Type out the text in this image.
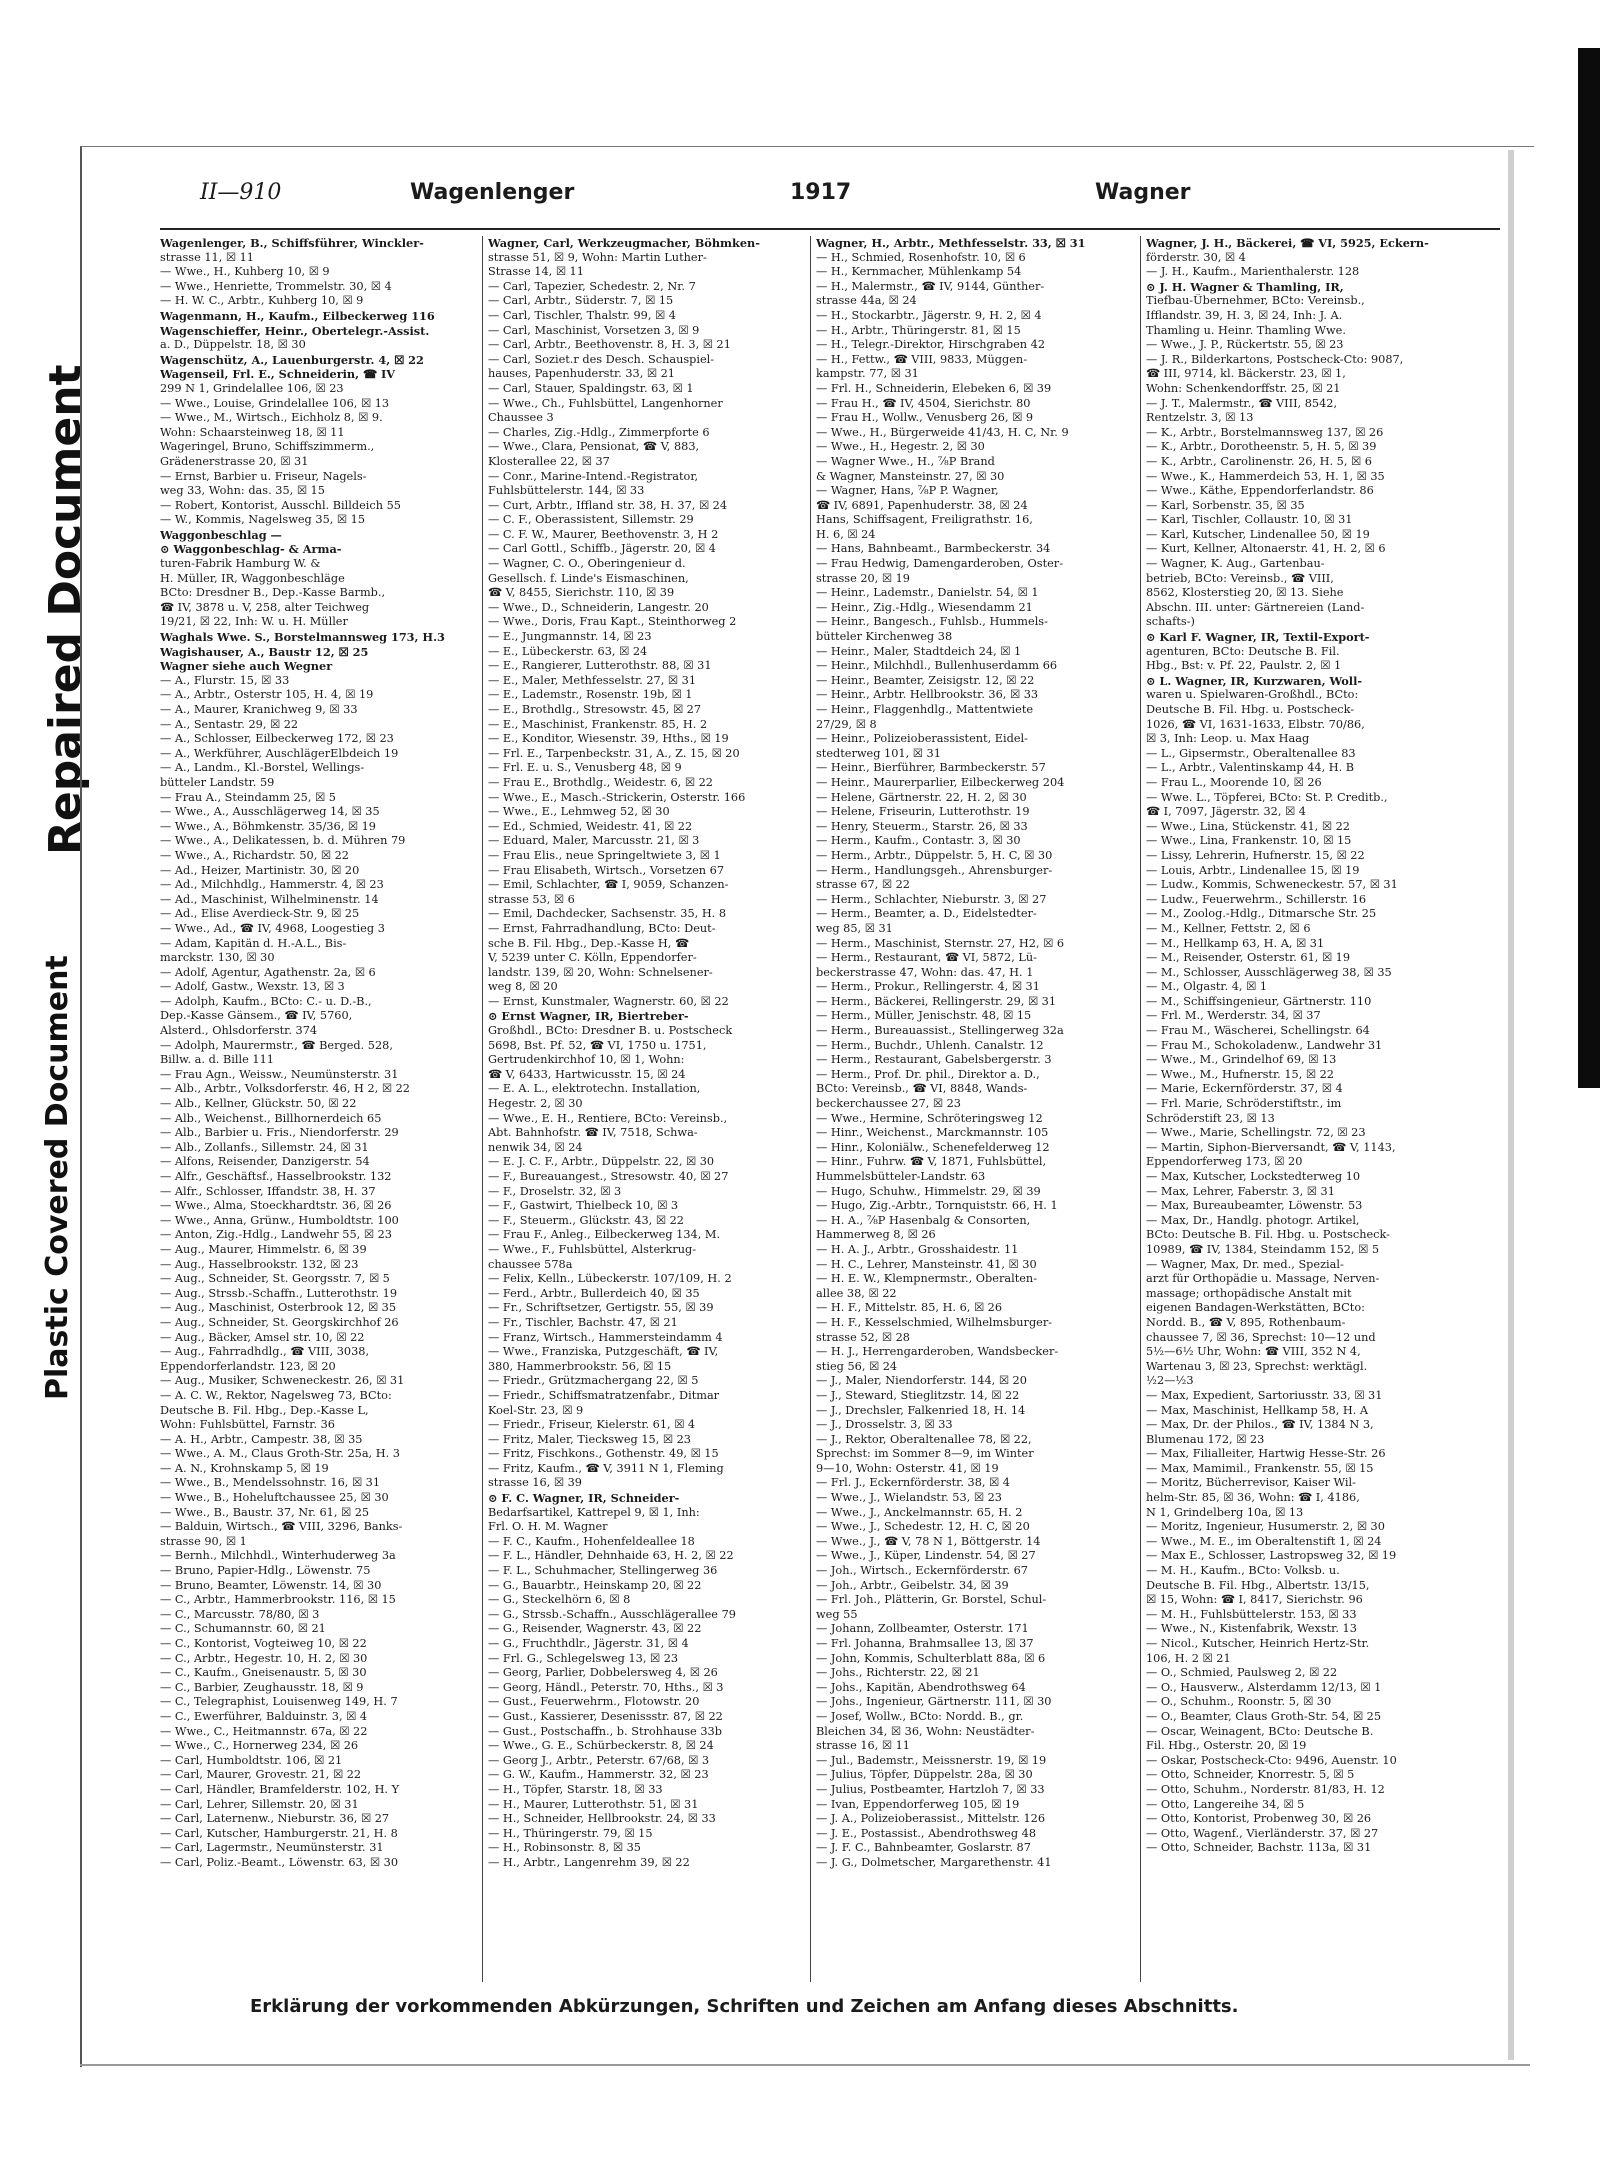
Repaired Document
Plastic Covered Document
II—910	Wagenlenger	1917	Wagner
Wagenlenger, B., Schiffsführer, Winckler-
strasse 11, ☒ 11
— Wwe., H., Kuhberg 10, ☒ 9
— Wwe., Henriette, Trommelstr. 30, ☒ 4
— H. W. C., Arbtr., Kuhberg 10, ☒ 9
Wagenmann, H., Kaufm., Eilbeckerweg 116
Wagenschieffer, Heinr., Obertelegr.-Assist.
a. D., Düppelstr. 18, ☒ 30
Wagenschütz, A., Lauenburgerstr. 4, ☒ 22
Wagenseil, Frl. E., Schneiderin, ☎ IV
299 N 1, Grindelallee 106, ☒ 23
— Wwe., Louise, Grindelallee 106, ☒ 13
— Wwe., M., Wirtsch., Eichholz 8, ☒ 9.
Wohn: Schaarsteinweg 18, ☒ 11
Wageringel, Bruno, Schiffszimmerm.,
Grädenerstrasse 20, ☒ 31
— Ernst, Barbier u. Friseur, Nagels-
weg 33, Wohn: das. 35, ☒ 15
— Robert, Kontorist, Ausschl. Billdeich 55
— W., Kommis, Nagelsweg 35, ☒ 15
Waggonbeschlag —
⊙ Waggonbeschlag- & Arma-
turen-Fabrik Hamburg W. &
H. Müller, IR, Waggonbeschläge
BCto: Dresdner B., Dep.-Kasse Barmb.,
☎ IV, 3878 u. V, 258, alter Teichweg
19/21, ☒ 22, Inh: W. u. H. Müller
Waghals Wwe. S., Borstelmannsweg 173, H.3
Wagishauser, A., Baustr 12, ☒ 25
Wagner siehe auch Wegner
— A., Flurstr. 15, ☒ 33
— A., Arbtr., Osterstr 105, H. 4, ☒ 19
— A., Maurer, Kranichweg 9, ☒ 33
— A., Sentastr. 29, ☒ 22
— A., Schlosser, Eilbeckerweg 172, ☒ 23
— A., Werkführer, AuschlägerElbdeich 19
— A., Landm., Kl.-Borstel, Wellings-
bütteler Landstr. 59
— Frau A., Steindamm 25, ☒ 5
— Wwe., A., Ausschlägerweg 14, ☒ 35
— Wwe., A., Böhmkenstr. 35/36, ☒ 19
— Wwe., A., Delikatessen, b. d. Mühren 79
— Wwe., A., Richardstr. 50, ☒ 22
— Ad., Heizer, Martinistr. 30, ☒ 20
— Ad., Milchhdlg., Hammerstr. 4, ☒ 23
— Ad., Maschinist, Wilhelminenstr. 14
— Ad., Elise Averdieck-Str. 9, ☒ 25
— Wwe., Ad., ☎ IV, 4968, Loogestieg 3
— Adam, Kapitän d. H.-A.L., Bis-
marckstr. 130, ☒ 30
— Adolf, Agentur, Agathenstr. 2a, ☒ 6
— Adolf, Gastw., Wexstr. 13, ☒ 3
— Adolph, Kaufm., BCto: C.- u. D.-B.,
Dep.-Kasse Gänsem., ☎ IV, 5760,
Alsterd., Ohlsdorferstr. 374
— Adolph, Maurermstr., ☎ Berged. 528,
Billw. a. d. Bille 111
— Frau Agn., Weissw., Neumünsterstr. 31
— Alb., Arbtr., Volksdorferstr. 46, H 2, ☒ 22
— Alb., Kellner, Glückstr. 50, ☒ 22
— Alb., Weichenst., Billhornerdeich 65
— Alb., Barbier u. Fris., Niendorferstr. 29
— Alb., Zollanfs., Sillemstr. 24, ☒ 31
— Alfons, Reisender, Danzigerstr. 54
— Alfr., Geschäftsf., Hasselbrookstr. 132
— Alfr., Schlosser, Iffandstr. 38, H. 37
— Wwe., Alma, Stoeckhardtstr. 36, ☒ 26
— Wwe., Anna, Grünw., Humboldtstr. 100
— Anton, Zig.-Hdlg., Landwehr 55, ☒ 23
— Aug., Maurer, Himmelstr. 6, ☒ 39
— Aug., Hasselbrookstr. 132, ☒ 23
— Aug., Schneider, St. Georgsstr. 7, ☒ 5
— Aug., Strssb.-Schaffn., Lutterothstr. 19
— Aug., Maschinist, Osterbrook 12, ☒ 35
— Aug., Schneider, St. Georgskirchhof 26
— Aug., Bäcker, Amsel str. 10, ☒ 22
— Aug., Fahrradhdlg., ☎ VIII, 3038,
Eppendorferlandstr. 123, ☒ 20
— Aug., Musiker, Schweneckestr. 26, ☒ 31
— A. C. W., Rektor, Nagelsweg 73, BCto:
Deutsche B. Fil. Hbg., Dep.-Kasse L,
Wohn: Fuhlsbüttel, Farnstr. 36
— A. H., Arbtr., Campestr. 38, ☒ 35
— Wwe., A. M., Claus Groth-Str. 25a, H. 3
— A. N., Krohnskamp 5, ☒ 19
— Wwe., B., Mendelssohnstr. 16, ☒ 31
— Wwe., B., Hoheluftchaussee 25, ☒ 30
— Wwe., B., Baustr. 37, Nr. 61, ☒ 25
— Balduin, Wirtsch., ☎ VIII, 3296, Banks-
strasse 90, ☒ 1
— Bernh., Milchhdl., Winterhuderweg 3a
— Bruno, Papier-Hdlg., Löwenstr. 75
— Bruno, Beamter, Löwenstr. 14, ☒ 30
— C., Arbtr., Hammerbrookstr. 116, ☒ 15
— C., Marcusstr. 78/80, ☒ 3
— C., Schumannstr. 60, ☒ 21
— C., Kontorist, Vogteiweg 10, ☒ 22
— C., Arbtr., Hegestr. 10, H. 2, ☒ 30
— C., Kaufm., Gneisenaustr. 5, ☒ 30
— C., Barbier, Zeughausstr. 18, ☒ 9
— C., Telegraphist, Louisenweg 149, H. 7
— C., Ewerführer, Balduinstr. 3, ☒ 4
— Wwe., C., Heitmannstr. 67a, ☒ 22
— Wwe., C., Hornerweg 234, ☒ 26
— Carl, Humboldtstr. 106, ☒ 21
— Carl, Maurer, Grovestr. 21, ☒ 22
— Carl, Händler, Bramfelderstr. 102, H. Y
— Carl, Lehrer, Sillemstr. 20, ☒ 31
— Carl, Laternenw., Nieburstr. 36, ☒ 27
— Carl, Kutscher, Hamburgerstr. 21, H. 8
— Carl, Lagermstr., Neumünsterstr. 31
— Carl, Poliz.-Beamt., Löwenstr. 63, ☒ 30
Wagner, Carl, Werkzeugmacher, Böhmken-
strasse 51, ☒ 9, Wohn: Martin Luther-
Strasse 14, ☒ 11
— Carl, Tapezier, Schedestr. 2, Nr. 7
— Carl, Arbtr., Süderstr. 7, ☒ 15
— Carl, Tischler, Thalstr. 99, ☒ 4
— Carl, Maschinist, Vorsetzen 3, ☒ 9
— Carl, Arbtr., Beethovenstr. 8, H. 3, ☒ 21
— Carl, Soziet.r des Desch. Schauspiel-
hauses, Papenhuderstr. 33, ☒ 21
— Carl, Stauer, Spaldingstr. 63, ☒ 1
— Wwe., Ch., Fuhlsbüttel, Langenhorner
Chaussee 3
— Charles, Zig.-Hdlg., Zimmerpforte 6
— Wwe., Clara, Pensionat, ☎ V, 883,
Klosterallee 22, ☒ 37
— Conr., Marine-Intend.-Registrator,
Fuhlsbüttelerstr. 144, ☒ 33
— Curt, Arbtr., Iffland str. 38, H. 37, ☒ 24
— C. F., Oberassistent, Sillemstr. 29
— C. F. W., Maurer, Beethovenstr. 3, H 2
— Carl Gottl., Schiffb., Jägerstr. 20, ☒ 4
— Wagner, C. O., Oberingenieur d.
Gesellsch. f. Linde's Eismaschinen,
☎ V, 8455, Sierichstr. 110, ☒ 39
— Wwe., D., Schneiderin, Langestr. 20
— Wwe., Doris, Frau Kapt., Steinthorweg 2
— E., Jungmannstr. 14, ☒ 23
— E., Lübeckerstr. 63, ☒ 24
— E., Rangierer, Lutterothstr. 88, ☒ 31
— E., Maler, Methfesselstr. 27, ☒ 31
— E., Lademstr., Rosenstr. 19b, ☒ 1
— E., Brothdlg., Stresowstr. 45, ☒ 27
— E., Maschinist, Frankenstr. 85, H. 2
— E., Konditor, Wiesenstr. 39, Hths., ☒ 19
— Frl. E., Tarpenbeckstr. 31, A., Z. 15, ☒ 20
— Frl. E. u. S., Venusberg 48, ☒ 9
— Frau E., Brothdlg., Weidestr. 6, ☒ 22
— Wwe., E., Masch.-Strickerin, Osterstr. 166
— Wwe., E., Lehmweg 52, ☒ 30
— Ed., Schmied, Weidestr. 41, ☒ 22
— Eduard, Maler, Marcusstr. 21, ☒ 3
— Frau Elis., neue Springeltwiete 3, ☒ 1
— Frau Elisabeth, Wirtsch., Vorsetzen 67
— Emil, Schlachter, ☎ I, 9059, Schanzen-
strasse 53, ☒ 6
— Emil, Dachdecker, Sachsenstr. 35, H. 8
— Ernst, Fahrradhandlung, BCto: Deut-
sche B. Fil. Hbg., Dep.-Kasse H, ☎
V, 5239 unter C. Kölln, Eppendorfer-
landstr. 139, ☒ 20, Wohn: Schnelsener-
weg 8, ☒ 20
— Ernst, Kunstmaler, Wagnerstr. 60, ☒ 22
⊙ Ernst Wagner, IR, Biertreber-
Großhdl., BCto: Dresdner B. u. Postscheck
5698, Bst. Pf. 52, ☎ VI, 1750 u. 1751,
Gertrudenkirchhof 10, ☒ 1, Wohn:
☎ V, 6433, Hartwicusstr. 15, ☒ 24
— E. A. L., elektrotechn. Installation,
Hegestr. 2, ☒ 30
— Wwe., E. H., Rentiere, BCto: Vereinsb.,
Abt. Bahnhofstr. ☎ IV, 7518, Schwa-
nenwik 34, ☒ 24
— E. J. C. F., Arbtr., Düppelstr. 22, ☒ 30
— F., Bureauangest., Stresowstr. 40, ☒ 27
— F., Droselstr. 32, ☒ 3
— F., Gastwirt, Thielbeck 10, ☒ 3
— F., Steuerm., Glückstr. 43, ☒ 22
— Frau F., Anleg., Eilbeckerweg 134, M.
— Wwe., F., Fuhlsbüttel, Alsterkrug-
chaussee 578a
— Felix, Kelln., Lübeckerstr. 107/109, H. 2
— Ferd., Arbtr., Bullerdeich 40, ☒ 35
— Fr., Schriftsetzer, Gertigstr. 55, ☒ 39
— Fr., Tischler, Bachstr. 47, ☒ 21
— Franz, Wirtsch., Hammersteindamm 4
— Wwe., Franziska, Putzgeschäft, ☎ IV,
380, Hammerbrookstr. 56, ☒ 15
— Friedr., Grützmachergang 22, ☒ 5
— Friedr., Schiffsmatratzenfabr., Ditmar
Koel-Str. 23, ☒ 9
— Friedr., Friseur, Kielerstr. 61, ☒ 4
— Fritz, Maler, Tiecksweg 15, ☒ 23
— Fritz, Fischkons., Gothenstr. 49, ☒ 15
— Fritz, Kaufm., ☎ V, 3911 N 1, Fleming
strasse 16, ☒ 39
⊙ F. C. Wagner, IR, Schneider-
Bedarfsartikel, Kattrepel 9, ☒ 1, Inh:
Frl. O. H. M. Wagner
— F. C., Kaufm., Hohenfeldeallee 18
— F. L., Händler, Dehnhaide 63, H. 2, ☒ 22
— F. L., Schuhmacher, Stellingerweg 36
— G., Bauarbtr., Heinskamp 20, ☒ 22
— G., Steckelhörn 6, ☒ 8
— G., Strssb.-Schaffn., Ausschlägerallee 79
— G., Reisender, Wagnerstr. 43, ☒ 22
— G., Fruchthdlr., Jägerstr. 31, ☒ 4
— Frl. G., Schlegelsweg 13, ☒ 23
— Georg, Parlier, Dobbelersweg 4, ☒ 26
— Georg, Händl., Peterstr. 70, Hths., ☒ 3
— Gust., Feuerwehrm., Flotowstr. 20
— Gust., Kassierer, Desenissstr. 87, ☒ 22
— Gust., Postschaffn., b. Strohhause 33b
— Wwe., G. E., Schürbeckerstr. 8, ☒ 24
— Georg J., Arbtr., Peterstr. 67/68, ☒ 3
— G. W., Kaufm., Hammerstr. 32, ☒ 23
— H., Töpfer, Starstr. 18, ☒ 33
— H., Maurer, Lutterothstr. 51, ☒ 31
— H., Schneider, Hellbrookstr. 24, ☒ 33
— H., Thüringerstr. 79, ☒ 15
— H., Robinsonstr. 8, ☒ 35
— H., Arbtr., Langenrehm 39, ☒ 22
Wagner, H., Arbtr., Methfesselstr. 33, ☒ 31
— H., Schmied, Rosenhofstr. 10, ☒ 6
— H., Kernmacher, Mühlenkamp 54
— H., Malermstr., ☎ IV, 9144, Günther-
strasse 44a, ☒ 24
— H., Stockarbtr., Jägerstr. 9, H. 2, ☒ 4
— H., Arbtr., Thüringerstr. 81, ☒ 15
— H., Telegr.-Direktor, Hirschgraben 42
— H., Fettw., ☎ VIII, 9833, Müggen-
kampstr. 77, ☒ 31
— Frl. H., Schneiderin, Elebeken 6, ☒ 39
— Frau H., ☎ IV, 4504, Sierichstr. 80
— Frau H., Wollw., Venusberg 26, ☒ 9
— Wwe., H., Bürgerweide 41/43, H. C, Nr. 9
— Wwe., H., Hegestr. 2, ☒ 30
— Wagner Wwe., H., ⅞P Brand
& Wagner, Mansteinstr. 27, ☒ 30
— Wagner, Hans, ⅞P P. Wagner,
☎ IV, 6891, Papenhuderstr. 38, ☒ 24
Hans, Schiffsagent, Freiligrathstr. 16,
H. 6, ☒ 24
— Hans, Bahnbeamt., Barmbeckerstr. 34
— Frau Hedwig, Damengarderoben, Oster-
strasse 20, ☒ 19
— Heinr., Lademstr., Danielstr. 54, ☒ 1
— Heinr., Zig.-Hdlg., Wiesendamm 21
— Heinr., Bangesch., Fuhlsb., Hummels-
bütteler Kirchenweg 38
— Heinr., Maler, Stadtdeich 24, ☒ 1
— Heinr., Milchhdl., Bullenhuserdamm 66
— Heinr., Beamter, Zeisigstr. 12, ☒ 22
— Heinr., Arbtr. Hellbrookstr. 36, ☒ 33
— Heinr., Flaggenhdlg., Mattentwiete
27/29, ☒ 8
— Heinr., Polizeioberassistent, Eidel-
stedterweg 101, ☒ 31
— Heinr., Bierführer, Barmbeckerstr. 57
— Heinr., Maurerparlier, Eilbeckerweg 204
— Helene, Gärtnerstr. 22, H. 2, ☒ 30
— Helene, Friseurin, Lutterothstr. 19
— Henry, Steuerm., Starstr. 26, ☒ 33
— Herm., Kaufm., Contastr. 3, ☒ 30
— Herm., Arbtr., Düppelstr. 5, H. C, ☒ 30
— Herm., Handlungsgeh., Ahrensburger-
strasse 67, ☒ 22
— Herm., Schlachter, Nieburstr. 3, ☒ 27
— Herm., Beamter, a. D., Eidelstedter-
weg 85, ☒ 31
— Herm., Maschinist, Sternstr. 27, H2, ☒ 6
— Herm., Restaurant, ☎ VI, 5872, Lü-
beckerstrasse 47, Wohn: das. 47, H. 1
— Herm., Prokur., Rellingerstr. 4, ☒ 31
— Herm., Bäckerei, Rellingerstr. 29, ☒ 31
— Herm., Müller, Jenischstr. 48, ☒ 15
— Herm., Bureauassist., Stellingerweg 32a
— Herm., Buchdr., Uhlenh. Canalstr. 12
— Herm., Restaurant, Gabelsbergerstr. 3
— Herm., Prof. Dr. phil., Direktor a. D.,
BCto: Vereinsb., ☎ VI, 8848, Wands-
beckerchaussee 27, ☒ 23
— Wwe., Hermine, Schröteringsweg 12
— Hinr., Weichenst., Marckmannstr. 105
— Hinr., Koloniälw., Schenefelderweg 12
— Hinr., Fuhrw. ☎ V, 1871, Fuhlsbüttel,
Hummelsbütteler-Landstr. 63
— Hugo, Schuhw., Himmelstr. 29, ☒ 39
— Hugo, Zig.-Arbtr., Tornquiststr. 66, H. 1
— H. A., ⅞P Hasenbalg & Consorten,
Hammerweg 8, ☒ 26
— H. A. J., Arbtr., Grosshaidestr. 11
— H. C., Lehrer, Mansteinstr. 41, ☒ 30
— H. E. W., Klempnermstr., Oberalten-
allee 38, ☒ 22
— H. F., Mittelstr. 85, H. 6, ☒ 26
— H. F., Kesselschmied, Wilhelmsburger-
strasse 52, ☒ 28
— H. J., Herrengarderoben, Wandsbecker-
stieg 56, ☒ 24
— J., Maler, Niendorferstr. 144, ☒ 20
— J., Steward, Stieglitzstr. 14, ☒ 22
— J., Drechsler, Falkenried 18, H. 14
— J., Drosselstr. 3, ☒ 33
— J., Rektor, Oberaltenallee 78, ☒ 22,
Sprechst: im Sommer 8—9, im Winter
9—10, Wohn: Osterstr. 41, ☒ 19
— Frl. J., Eckernförderstr. 38, ☒ 4
— Wwe., J., Wielandstr. 53, ☒ 23
— Wwe., J., Anckelmannstr. 65, H. 2
— Wwe., J., Schedestr. 12, H. C, ☒ 20
— Wwe., J., ☎ V, 78 N 1, Böttgerstr. 14
— Wwe., J., Küper, Lindenstr. 54, ☒ 27
— Joh., Wirtsch., Eckernförderstr. 67
— Joh., Arbtr., Geibelstr. 34, ☒ 39
— Frl. Joh., Plätterin, Gr. Borstel, Schul-
weg 55
— Johann, Zollbeamter, Osterstr. 171
— Frl. Johanna, Brahmsallee 13, ☒ 37
— John, Kommis, Schulterblatt 88a, ☒ 6
— Johs., Richterstr. 22, ☒ 21
— Johs., Kapitän, Abendrothsweg 64
— Johs., Ingenieur, Gärtnerstr. 111, ☒ 30
— Josef, Wollw., BCto: Nordd. B., gr.
Bleichen 34, ☒ 36, Wohn: Neustädter-
strasse 16, ☒ 11
— Jul., Bademstr., Meissnerstr. 19, ☒ 19
— Julius, Töpfer, Düppelstr. 28a, ☒ 30
— Julius, Postbeamter, Hartzloh 7, ☒ 33
— Ivan, Eppendorferweg 105, ☒ 19
— J. A., Polizeioberassist., Mittelstr. 126
— J. E., Postassist., Abendrothsweg 48
— J. F. C., Bahnbeamter, Goslarstr. 87
— J. G., Dolmetscher, Margarethenstr. 41
Wagner, J. H., Bäckerei, ☎ VI, 5925, Eckern-
förderstr. 30, ☒ 4
— J. H., Kaufm., Marienthalerstr. 128
⊙ J. H. Wagner & Thamling, IR,
Tiefbau-Übernehmer, BCto: Vereinsb.,
Ifflandstr. 39, H. 3, ☒ 24, Inh: J. A.
Thamling u. Heinr. Thamling Wwe.
— Wwe., J. P., Rückertstr. 55, ☒ 23
— J. R., Bilderkartons, Postscheck-Cto: 9087,
☎ III, 9714, kl. Bäckerstr. 23, ☒ 1,
Wohn: Schenkendorffstr. 25, ☒ 21
— J. T., Malermstr., ☎ VIII, 8542,
Rentzelstr. 3, ☒ 13
— K., Arbtr., Borstelmannsweg 137, ☒ 26
— K., Arbtr., Dorotheenstr. 5, H. 5, ☒ 39
— K., Arbtr., Carolinenstr. 26, H. 5, ☒ 6
— Wwe., K., Hammerdeich 53, H. 1, ☒ 35
— Wwe., Käthe, Eppendorferlandstr. 86
— Karl, Sorbenstr. 35, ☒ 35
— Karl, Tischler, Collaustr. 10, ☒ 31
— Karl, Kutscher, Lindenallee 50, ☒ 19
— Kurt, Kellner, Altonaerstr. 41, H. 2, ☒ 6
— Wagner, K. Aug., Gartenbau-
betrieb, BCto: Vereinsb., ☎ VIII,
8562, Klosterstieg 20, ☒ 13. Siehe
Abschn. III. unter: Gärtnereien (Land-
schafts-)
⊙ Karl F. Wagner, IR, Textil-Export-
agenturen, BCto: Deutsche B. Fil.
Hbg., Bst: v. Pf. 22, Paulstr. 2, ☒ 1
⊙ L. Wagner, IR, Kurzwaren, Woll-
waren u. Spielwaren-Großhdl., BCto:
Deutsche B. Fil. Hbg. u. Postscheck-
1026, ☎ VI, 1631-1633, Elbstr. 70/86,
☒ 3, Inh: Leop. u. Max Haag
— L., Gipsermstr., Oberaltenallee 83
— L., Arbtr., Valentinskamp 44, H. B
— Frau L., Moorende 10, ☒ 26
— Wwe. L., Töpferei, BCto: St. P. Creditb.,
☎ I, 7097, Jägerstr. 32, ☒ 4
— Wwe., Lina, Stückenstr. 41, ☒ 22
— Wwe., Lina, Frankenstr. 10, ☒ 15
— Lissy, Lehrerin, Hufnerstr. 15, ☒ 22
— Louis, Arbtr., Lindenallee 15, ☒ 19
— Ludw., Kommis, Schweneckestr. 57, ☒ 31
— Ludw., Feuerwehrm., Schillerstr. 16
— M., Zoolog.-Hdlg., Ditmarsche Str. 25
— M., Kellner, Fettstr. 2, ☒ 6
— M., Hellkamp 63, H. A, ☒ 31
— M., Reisender, Osterstr. 61, ☒ 19
— M., Schlosser, Ausschlägerweg 38, ☒ 35
— M., Olgastr. 4, ☒ 1
— M., Schiffsingenieur, Gärtnerstr. 110
— Frl. M., Werderstr. 34, ☒ 37
— Frau M., Wäscherei, Schellingstr. 64
— Frau M., Schokoladenw., Landwehr 31
— Wwe., M., Grindelhof 69, ☒ 13
— Wwe., M., Hufnerstr. 15, ☒ 22
— Marie, Eckernförderstr. 37, ☒ 4
— Frl. Marie, Schröderstiftstr., im
Schröderstift 23, ☒ 13
— Wwe., Marie, Schellingstr. 72, ☒ 23
— Martin, Siphon-Bierversandt, ☎ V, 1143,
Eppendorferweg 173, ☒ 20
— Max, Kutscher, Lockstedterweg 10
— Max, Lehrer, Faberstr. 3, ☒ 31
— Max, Bureaubeamter, Löwenstr. 53
— Max, Dr., Handlg. photogr. Artikel,
BCto: Deutsche B. Fil. Hbg. u. Postscheck-
10989, ☎ IV, 1384, Steindamm 152, ☒ 5
— Wagner, Max, Dr. med., Spezial-
arzt für Orthopädie u. Massage, Nerven-
massage; orthopädische Anstalt mit
eigenen Bandagen-Werkstätten, BCto:
Nordd. B., ☎ V, 895, Rothenbaum-
chaussee 7, ☒ 36, Sprechst: 10—12 und
5½—6½ Uhr, Wohn: ☎ VIII, 352 N 4,
Wartenau 3, ☒ 23, Sprechst: werktägl.
½2—½3
— Max, Expedient, Sartoriusstr. 33, ☒ 31
— Max, Maschinist, Hellkamp 58, H. A
— Max, Dr. der Philos., ☎ IV, 1384 N 3,
Blumenau 172, ☒ 23
— Max, Filialleiter, Hartwig Hesse-Str. 26
— Max, Mamimil., Frankenstr. 55, ☒ 15
— Moritz, Bücherrevisor, Kaiser Wil-
helm-Str. 85, ☒ 36, Wohn: ☎ I, 4186,
N 1, Grindelberg 10a, ☒ 13
— Moritz, Ingenieur, Husumerstr. 2, ☒ 30
— Wwe., M. E., im Oberaltenstift 1, ☒ 24
— Max E., Schlosser, Lastropsweg 32, ☒ 19
— M. H., Kaufm., BCto: Volksb. u.
Deutsche B. Fil. Hbg., Albertstr. 13/15,
☒ 15, Wohn: ☎ I, 8417, Sierichstr. 96
— M. H., Fuhlsbüttelerstr. 153, ☒ 33
— Wwe., N., Kistenfabrik, Wexstr. 13
— Nicol., Kutscher, Heinrich Hertz-Str.
106, H. 2 ☒ 21
— O., Schmied, Paulsweg 2, ☒ 22
— O., Hausverw., Alsterdamm 12/13, ☒ 1
— O., Schuhm., Roonstr. 5, ☒ 30
— O., Beamter, Claus Groth-Str. 54, ☒ 25
— Oscar, Weinagent, BCto: Deutsche B.
Fil. Hbg., Osterstr. 20, ☒ 19
— Oskar, Postscheck-Cto: 9496, Auenstr. 10
— Otto, Schneider, Knorrestr. 5, ☒ 5
— Otto, Schuhm., Norderstr. 81/83, H. 12
— Otto, Langereihe 34, ☒ 5
— Otto, Kontorist, Probenweg 30, ☒ 26
— Otto, Wagenf., Vierländerstr. 37, ☒ 27
— Otto, Schneider, Bachstr. 113a, ☒ 31
Erklärung der vorkommenden Abkürzungen, Schriften und Zeichen am Anfang dieses Abschnitts.
